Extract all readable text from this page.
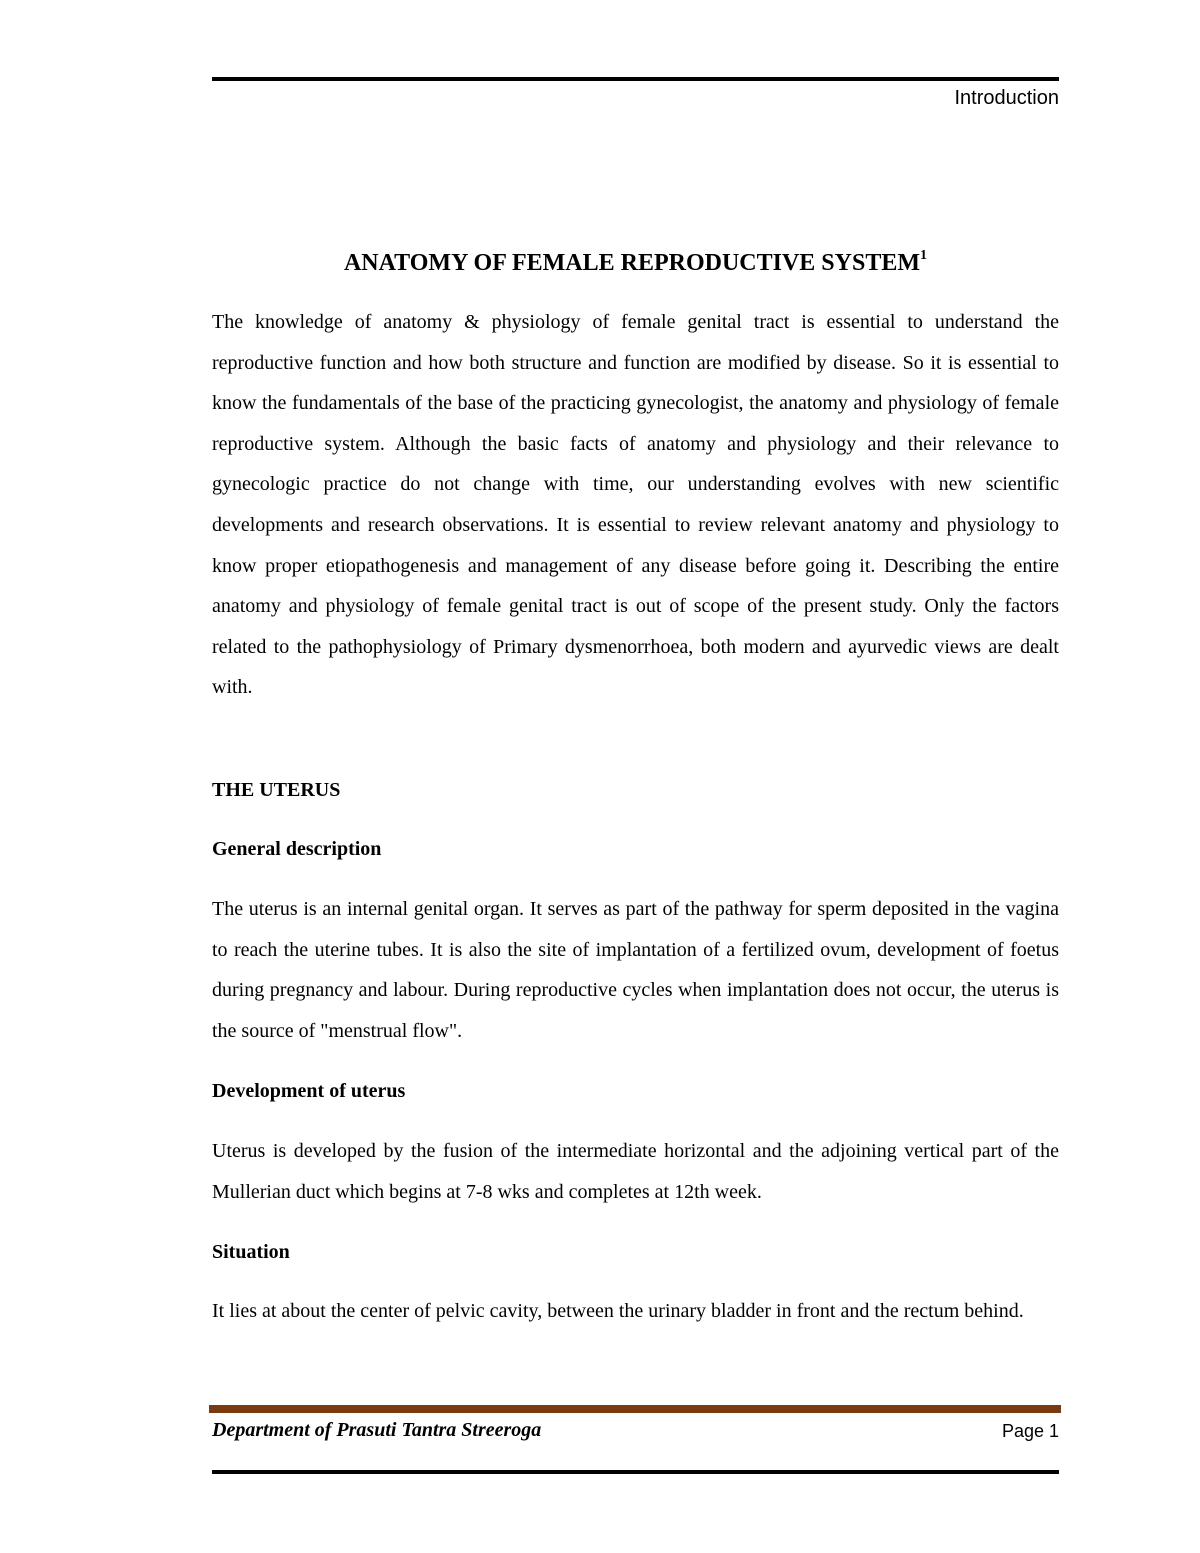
Introduction
ANATOMY OF FEMALE REPRODUCTIVE SYSTEM$^1$

The knowledge of anatomy & physiology of female genital tract is essential to understand the reproductive function and how both structure and function are modified by disease. So it is essential to know the fundamentals of the base of the practicing gynecologist, the anatomy and physiology of female reproductive system. Although the basic facts of anatomy and physiology and their relevance to gynecologic practice do not change with time, our understanding evolves with new scientific developments and research observations. It is essential to review relevant anatomy and physiology to know proper etiopathogenesis and management of any disease before going it. Describing the entire anatomy and physiology of female genital tract is out of scope of the present study. Only the factors related to the pathophysiology of Primary dysmenorrhoea, both modern and ayurvedic views are dealt with.

THE UTERUS
General description

The uterus is an internal genital organ. It serves as part of the pathway for sperm deposited in the vagina to reach the uterine tubes. It is also the site of implantation of a fertilized ovum, development of foetus during pregnancy and labour. During reproductive cycles when implantation does not occur, the uterus is the source of "menstrual flow".

Development of uterus

Uterus is developed by the fusion of the intermediate horizontal and the adjoining vertical part of the Mullerian duct which begins at 7-8 wks and completes at 12th week.

Situation

It lies at about the center of pelvic cavity, between the urinary bladder in front and the rectum behind.

Department of Prasuti Tantra Streeroga	Page 1
